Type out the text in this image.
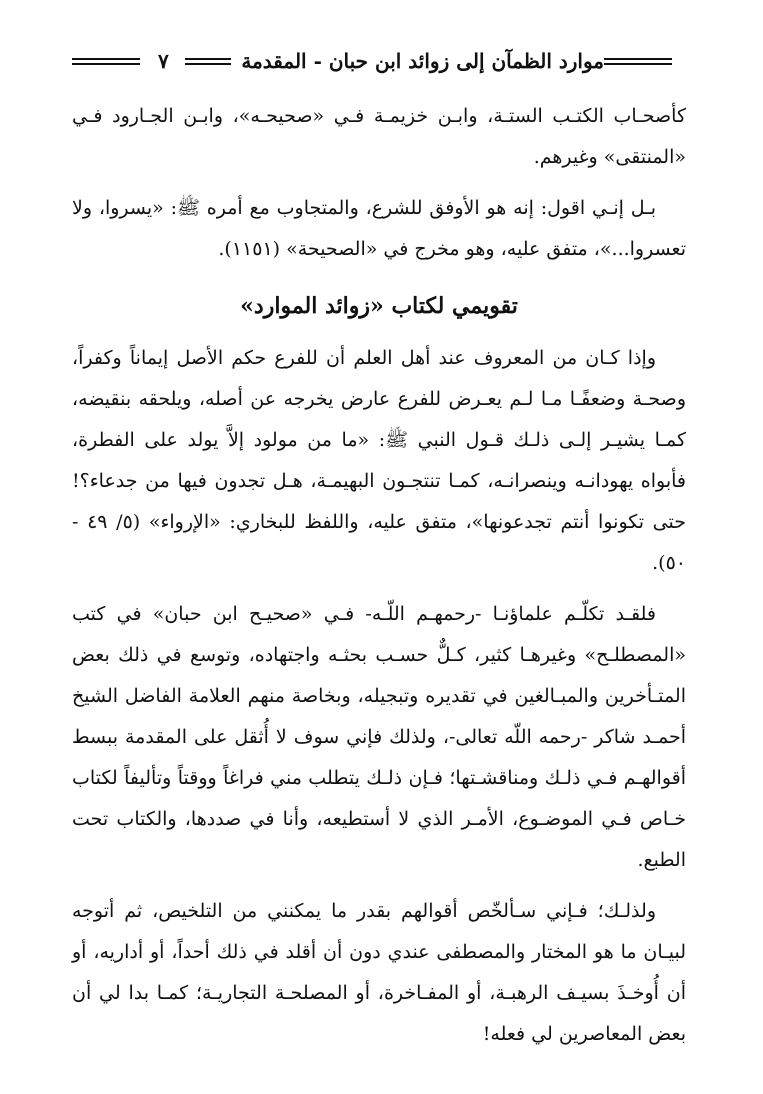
موارد الظمآن إلى زوائد ابن حبان - المقدمة
٧

كأصحـاب الكتـب الستـة، وابـن خزيمـة فـي «صحيحـه»، وابـن الجـارود فـي «المنتقى» وغيرهم.

بـل إنـي اقول: إنه هو الأوفق للشرع، والمتجاوب مع أمره ﷺ: «يسروا، ولا تعسروا...»، متفق عليه، وهو مخرج في «الصحيحة» (١١٥١).

تقويمي لكتاب «زوائد الموارد»

وإذا كـان من المعروف عند أهل العلم أن للفرع حكم الأصل إيماناً وكفراً، وصحـة وضعفًـا مـا لـم يعـرض للفرع عارض يخرجه عن أصله، ويلحقه بنقيضه، كمـا يشيـر إلـى ذلـك قـول النبي ﷺ: «ما من مولود إلاَّ يولد على الفطرة، فأبواه يهودانـه وينصرانـه، كمـا تنتجـون البهيمـة، هـل تجدون فيها من جدعاء؟! حتى تكونوا أنتم تجدعونها»، متفق عليه، واللفظ للبخاري: «الإرواء» (٥/ ٤٩ - ٥٠).

فلقـد تكلّـم علماؤنـا -رحمهـم اللّـه- فـي «صحيـح ابن حبان» في كتب «المصطلـح» وغيرهـا كثير، كـلٌّ حسـب بحثـه واجتهاده، وتوسع في ذلك بعض المتـأخرين والمبـالغين في تقديره وتبجيله، وبخاصة منهم العلامة الفاضل الشيخ أحمـد شاكر -رحمه اللّه تعالى-، ولذلك فإني سوف لا أُثقل على المقدمة ببسط أقوالهـم فـي ذلـك ومناقشـتها؛ فـإن ذلـك يتطلب مني فراغاً ووقتاً وتأليفاً لكتاب خـاص فـي الموضـوع، الأمـر الذي لا أستطيعه، وأنا في صددها، والكتاب تحت الطبع.

ولذلـك؛ فـإني سـألخّص أقوالهم بقدر ما يمكنني من التلخيص، ثم أتوجه لبيـان ما هو المختار والمصطفى عندي دون أن أقلد في ذلك أحداً، أو أداريه، أو أن أُوخـذَ بسيـف الرهبـة، أو المفـاخرة، أو المصلحـة التجاريـة؛ كمـا بدا لي أن بعض المعاصرين لي فعله!
